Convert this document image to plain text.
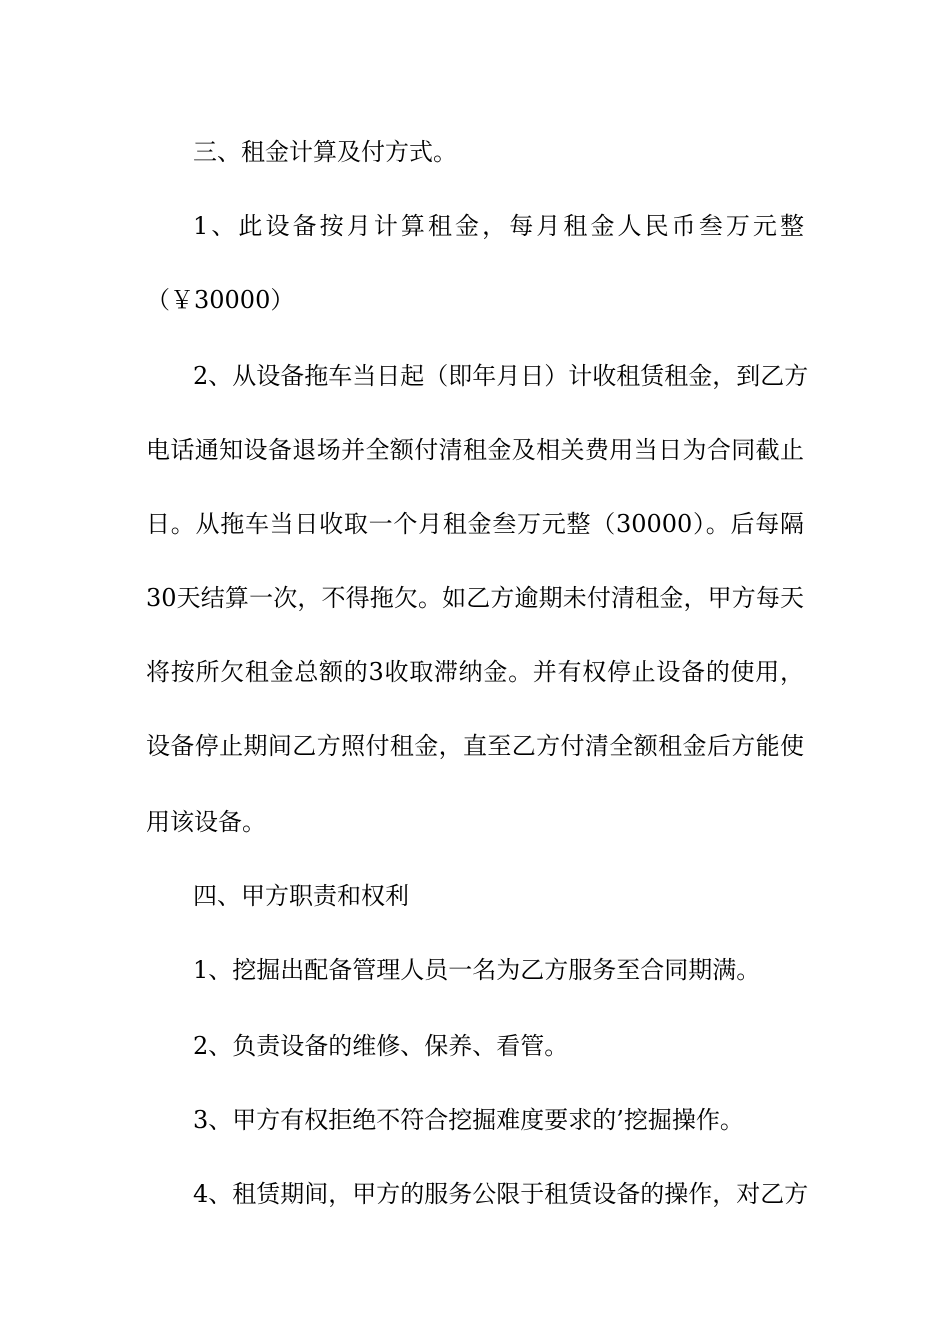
三、租金计算及付方式。
1、此设备按月计算租金，每月租金人民币叁万元整
（￥30000）
2、从设备拖车当日起（即年月日）计收租赁租金，到乙方
电话通知设备退场并全额付清租金及相关费用当日为合同截止
日。从拖车当日收取一个月租金叁万元整（30000）。后每隔
30天结算一次，不得拖欠。如乙方逾期未付清租金，甲方每天
将按所欠租金总额的3收取滞纳金。并有权停止设备的使用，
设备停止期间乙方照付租金，直至乙方付清全额租金后方能使
用该设备。
四、甲方职责和权利
1、挖掘出配备管理人员一名为乙方服务至合同期满。
2、负责设备的维修、保养、看管。
3、甲方有权拒绝不符合挖掘难度要求的’挖掘操作。
4、租赁期间，甲方的服务公限于租赁设备的操作，对乙方
